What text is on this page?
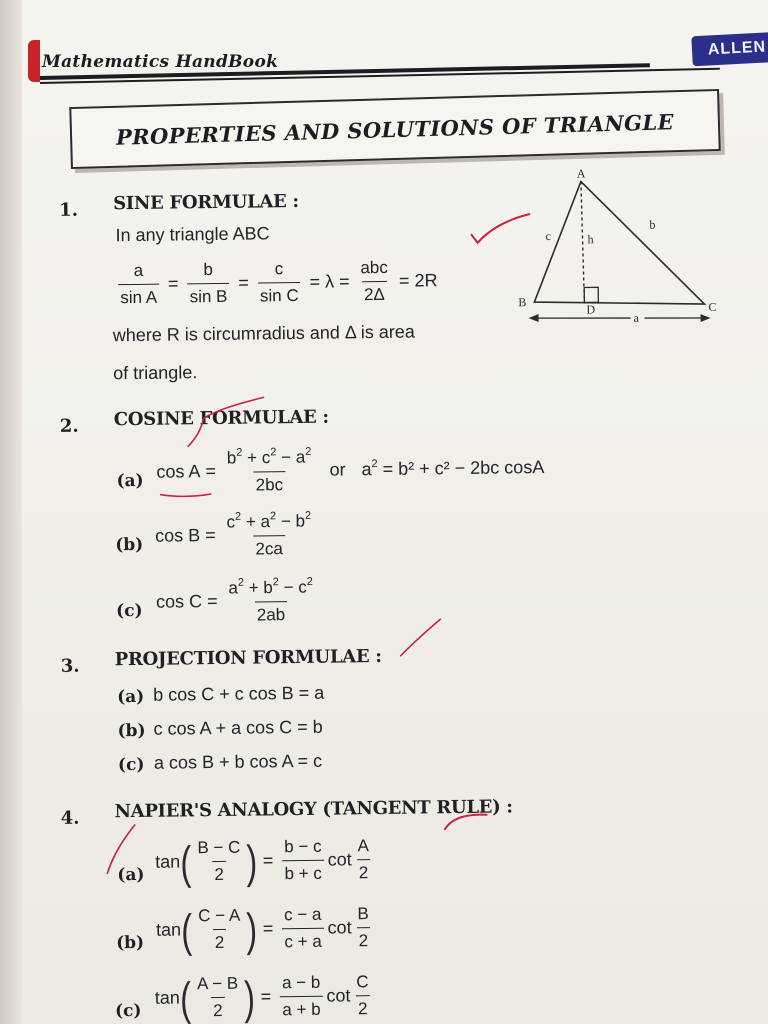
Mathematics HandBook
ALLEN
PROPERTIES AND SOLUTIONS OF TRIANGLE
1. SINE FORMULAE :
In any triangle ABC
$\frac{a}{\text{sin A}} = \frac{b}{\text{sin B}} = \frac{c}{\text{sin C}} = \lambda = \frac{\text{abc}}{2\Delta} = 2R$
where R is circumradius and Δ is area
of triangle.
A
B	C
D
c
b
h
a
2. COSINE FORMULAE :
(a) $\cos A = \frac{b^2 + c^2 - a^2}{2bc}$ or $a^2 = b^2 + c^2 - 2bc$ cosA
(b) $\cos B = \frac{c^2 + a^2 - b^2}{2ca}$
(c) $\cos C = \frac{a^2 + b^2 - c^2}{2ab}$
3. PROJECTION FORMULAE :
(a) b cos C + c cos B = a
(b) c cos A + a cos C = b
(c) a cos B + b cos A = c
4. NAPIER'S ANALOGY (TANGENT RULE) :
(a)
tan ( $\frac{B - C}{2}$ ) = $\frac{b - c}{b + c}$ $\cot \frac{A}{2}$
(b)
tan ( $\frac{C - A}{2}$ ) = $\frac{c - a}{c + a}$ $\cot \frac{B}{2}$
(c)
tan ( $\frac{A - B}{2}$ ) = $\frac{a - b}{a + b}$ $\cot \frac{C}{2}$
